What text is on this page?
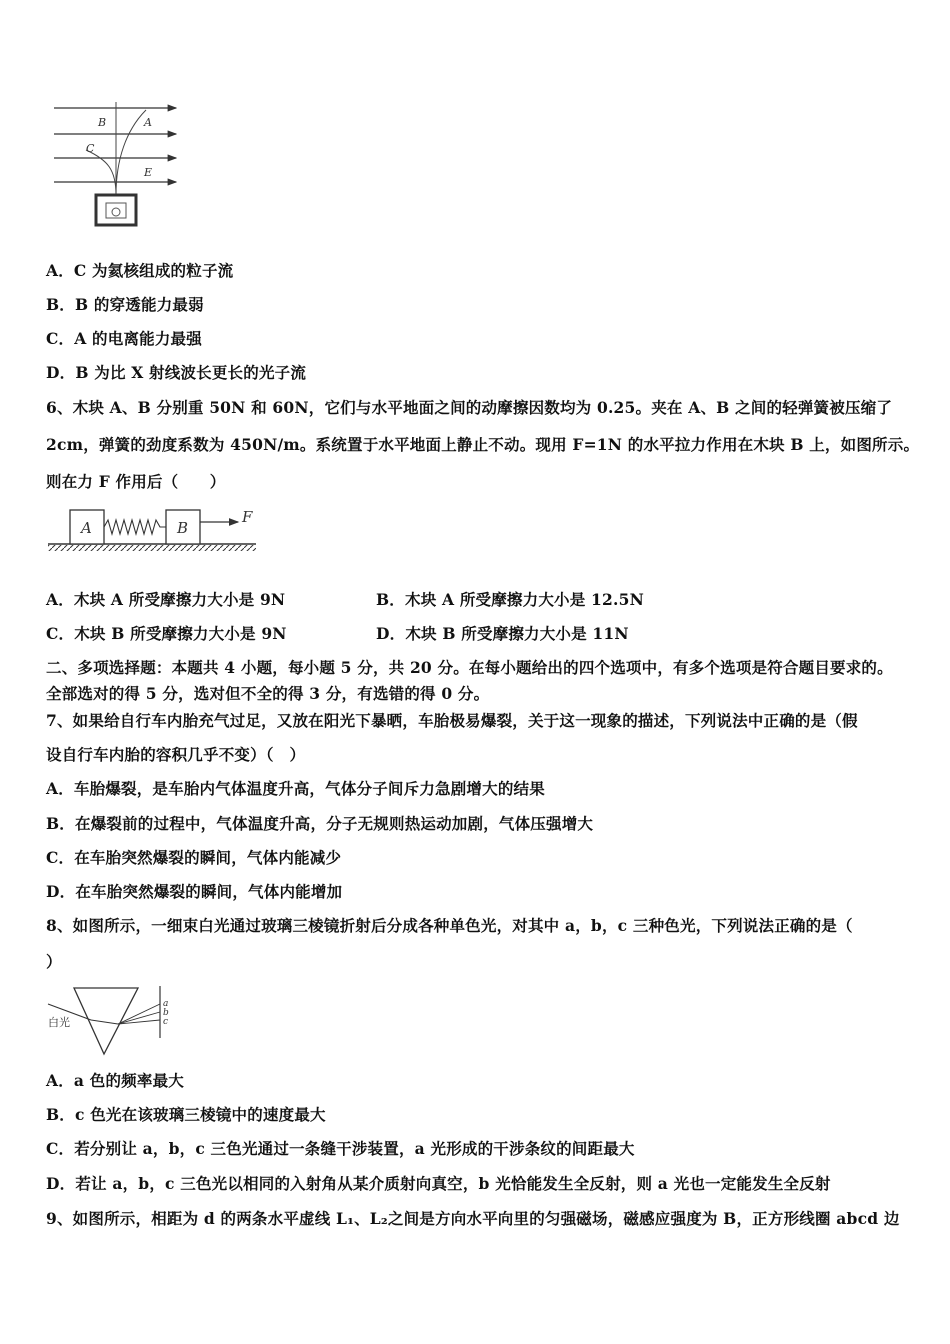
B	A
C
E
A．C 为氦核组成的粒子流
B．B 的穿透能力最弱
C．A 的电离能力最强
D．B 为比 X 射线波长更长的光子流
6、木块 A、B 分别重 50N 和 60N，它们与水平地面之间的动摩擦因数均为 0.25。夹在 A、B 之间的轻弹簧被压缩了
2cm，弹簧的劲度系数为 450N/m。系统置于水平地面上静止不动。现用 F=1N 的水平拉力作用在木块 B 上，如图所示。
则在力 F 作用后（　　）
A	B
F
A．木块 A 所受摩擦力大小是 9N	B．木块 A 所受摩擦力大小是 12.5N
C．木块 B 所受摩擦力大小是 9N	D．木块 B 所受摩擦力大小是 11N
二、多项选择题：本题共 4 小题，每小题 5 分，共 20 分。在每小题给出的四个选项中，有多个选项是符合题目要求的。
全部选对的得 5 分，选对但不全的得 3 分，有选错的得 0 分。
7、如果给自行车内胎充气过足，又放在阳光下暴晒，车胎极易爆裂，关于这一现象的描述，下列说法中正确的是（假
设自行车内胎的容积几乎不变）（　）
A．车胎爆裂，是车胎内气体温度升高，气体分子间斥力急剧增大的结果
B．在爆裂前的过程中，气体温度升高，分子无规则热运动加剧，气体压强增大
C．在车胎突然爆裂的瞬间，气体内能减少
D．在车胎突然爆裂的瞬间，气体内能增加
8、如图所示，一细束白光通过玻璃三棱镜折射后分成各种单色光，对其中 a，b，c 三种色光，下列说法正确的是（
）
白光
a
b
c
A．a 色的频率最大
B．c 色光在该玻璃三棱镜中的速度最大
C．若分别让 a，b，c 三色光通过一条缝干涉装置，a 光形成的干涉条纹的间距最大
D．若让 a，b，c 三色光以相同的入射角从某介质射向真空，b 光恰能发生全反射，则 a 光也一定能发生全反射
9、如图所示，相距为 d 的两条水平虚线 L₁、L₂之间是方向水平向里的匀强磁场，磁感应强度为 B，正方形线圈 abcd 边
